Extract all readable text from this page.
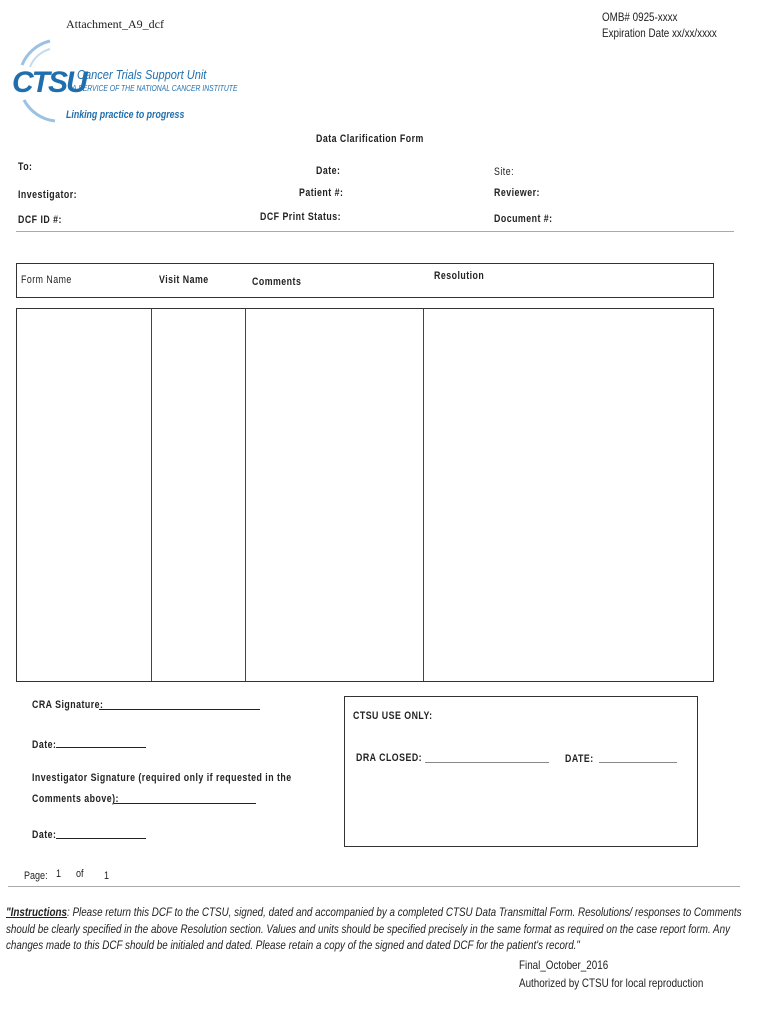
Attachment_A9_dcf	OMB# 0925-xxxx
Expiration Date xx/xx/xxxx
CTSU
Cancer Trials Support Unit
A SERVICE OF THE NATIONAL CANCER INSTITUTE
Linking practice to progress
Data Clarification Form
To:	Date:	Site:
Investigator:	Patient #:	Reviewer:
DCF ID #:	DCF Print Status:	Document #:
Form Name	Visit Name	Comments	Resolution
CRA Signature:
Date:
Investigator Signature (required only if requested in the
Comments above):
Date:
CTSU USE ONLY:
DRA CLOSED:	DATE:
Page: 1 of 1
"Instructions: Please return this DCF to the CTSU, signed, dated and accompanied by a completed CTSU Data Transmittal Form. Resolutions/ responses to Comments should be clearly specified in the above Resolution section. Values and units should be specified precisely in the same format as required on the case report form. Any changes made to this DCF should be initialed and dated. Please retain a copy of the signed and dated DCF for the patient's record."
Final_October_2016
Authorized by CTSU for local reproduction
